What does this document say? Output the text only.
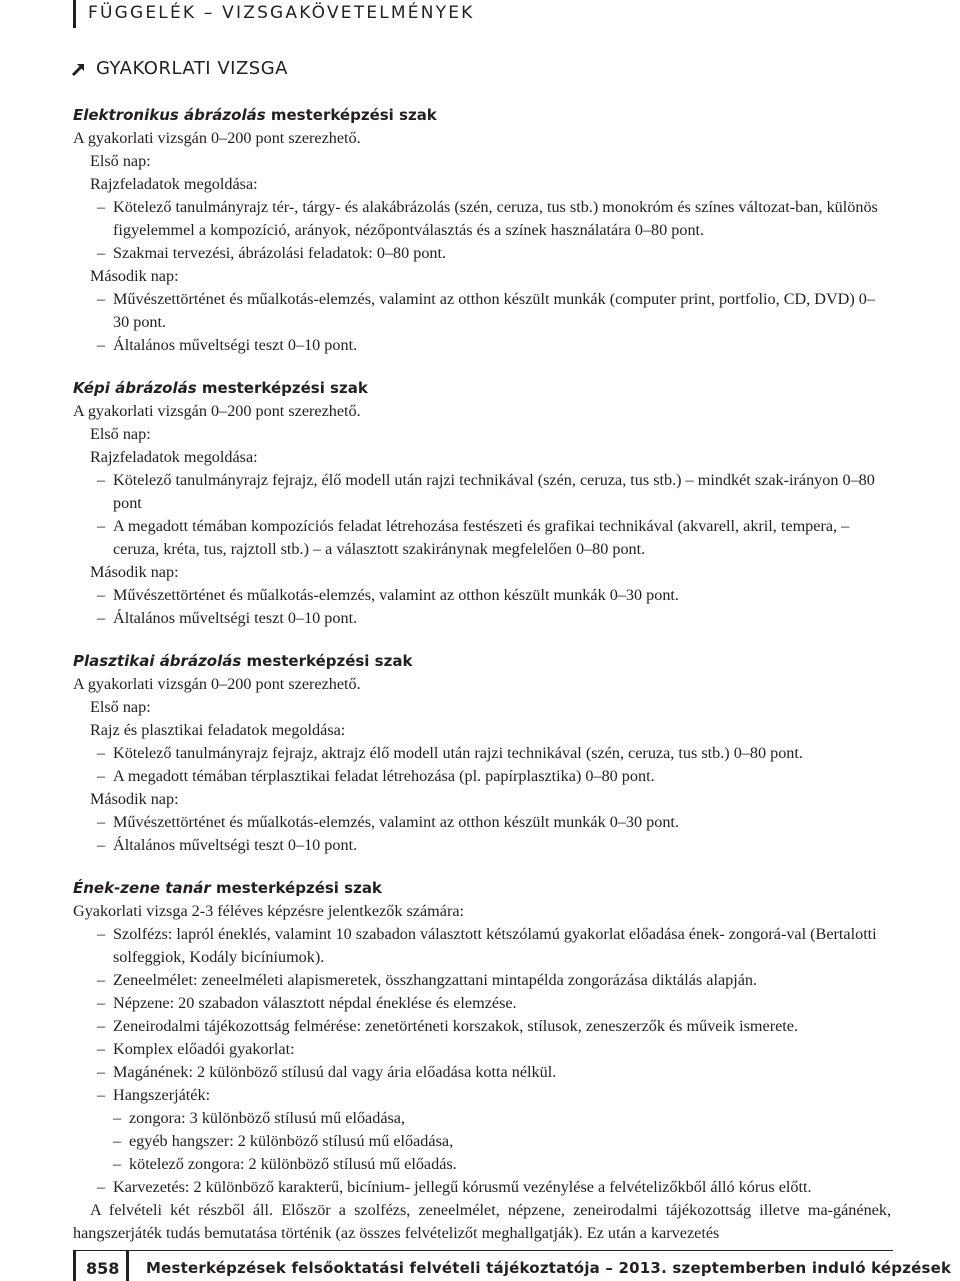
FÜGGELÉK – VIZSGAKÖVETELMÉNYEK
GYAKORLATI VIZSGA
Elektronikus ábrázolás mesterképzési szak
A gyakorlati vizsgán 0–200 pont szerezhető.
Első nap:
Rajzfeladatok megoldása:
– Kötelező tanulmányrajz tér-, tárgy- és alakábrázolás (szén, ceruza, tus stb.) monokróm és színes változat-ban, különös figyelemmel a kompozíció, arányok, nézőpontválasztás és a színek használatára 0–80 pont.
– Szakmai tervezési, ábrázolási feladatok: 0–80 pont.
Második nap:
– Művészettörténet és műalkotás-elemzés, valamint az otthon készült munkák (computer print, portfolio, CD, DVD) 0–30 pont.
– Általános műveltségi teszt 0–10 pont.
Képi ábrázolás mesterképzési szak
A gyakorlati vizsgán 0–200 pont szerezhető.
Első nap:
Rajzfeladatok megoldása:
– Kötelező tanulmányrajz fejrajz, élő modell után rajzi technikával (szén, ceruza, tus stb.) – mindkét szak-irányon 0–80 pont
– A megadott témában kompozíciós feladat létrehozása festészeti és grafikai technikával (akvarell, akril, tempera, – ceruza, kréta, tus, rajztoll stb.) – a választott szakiránynak megfelelően 0–80 pont.
Második nap:
– Művészettörténet és műalkotás-elemzés, valamint az otthon készült munkák 0–30 pont.
– Általános műveltségi teszt 0–10 pont.
Plasztikai ábrázolás mesterképzési szak
A gyakorlati vizsgán 0–200 pont szerezhető.
Első nap:
Rajz és plasztikai feladatok megoldása:
– Kötelező tanulmányrajz fejrajz, aktrajz élő modell után rajzi technikával (szén, ceruza, tus stb.) 0–80 pont.
– A megadott témában térplasztikai feladat létrehozása (pl. papírplasztika) 0–80 pont.
Második nap:
– Művészettörténet és műalkotás-elemzés, valamint az otthon készült munkák 0–30 pont.
– Általános műveltségi teszt 0–10 pont.
Ének-zene tanár mesterképzési szak
Gyakorlati vizsga 2-3 féléves képzésre jelentkezők számára:
– Szolfézs: lapról éneklés, valamint 10 szabadon választott kétszólamú gyakorlat előadása ének- zongorá-val (Bertalotti solfeggiok, Kodály bicíniumok).
– Zeneelmélet: zeneelméleti alapismeretek, összhangzattani mintapélda zongorázása diktálás alapján.
– Népzene: 20 szabadon választott népdal éneklése és elemzése.
– Zeneirodalmi tájékozottság felmérése: zenetörténeti korszakok, stílusok, zeneszerzők és műveik ismerete.
– Komplex előadói gyakorlat:
– Magánének: 2 különböző stílusú dal vagy ária előadása kotta nélkül.
– Hangszerjáték:
– zongora: 3 különböző stílusú mű előadása,
– egyéb hangszer: 2 különböző stílusú mű előadása,
– kötelező zongora: 2 különböző stílusú mű előadás.
– Karvezetés: 2 különböző karakterű, bicínium- jellegű kórusmű vezénylése a felvételizőkből álló kórus előtt.
A felvételi két részből áll. Először a szolfézs, zeneelmélet, népzene, zeneirodalmi tájékozottság illetve ma-gánének, hangszerjáték tudás bemutatása történik (az összes felvételizőt meghallgatják). Ez után a karvezetés
858 Mesterképzések felsőoktatási felvételi tájékoztatója – 2013. szeptemberben induló képzések
